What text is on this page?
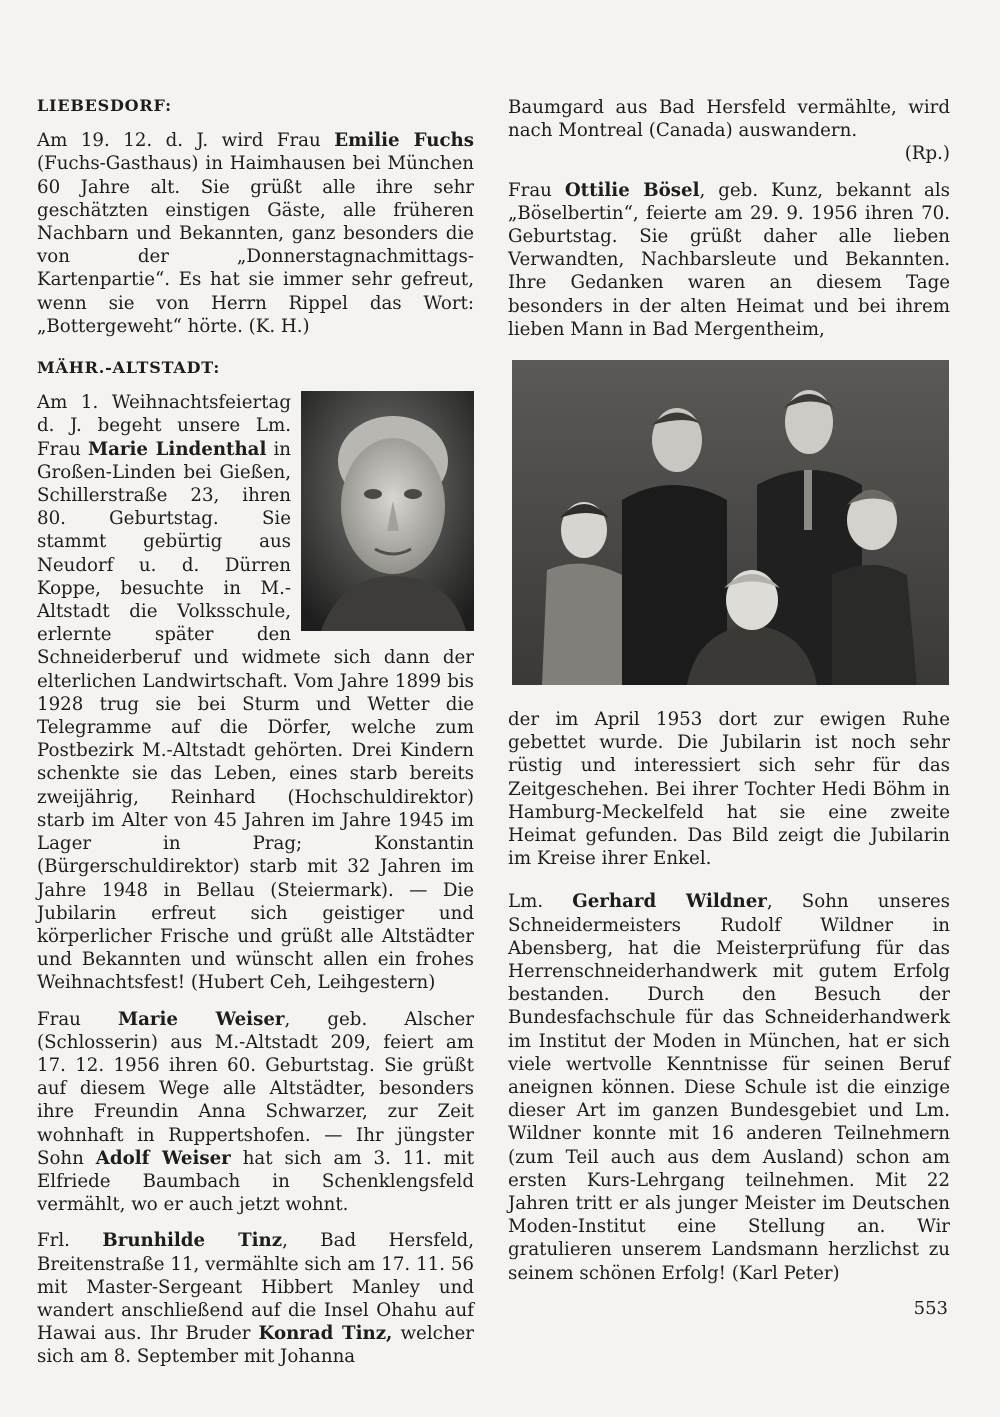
LIEBESDORF:

Am 19. 12. d. J. wird Frau Emilie Fuchs (Fuchs-Gasthaus) in Haimhausen bei München 60 Jahre alt. Sie grüßt alle ihre sehr geschätzten einstigen Gäste, alle früheren Nachbarn und Bekannten, ganz besonders die von der „Donnerstagnachmittags-Kartenpartie“. Es hat sie immer sehr gefreut, wenn sie von Herrn Rippel das Wort: „Bottergeweht“ hörte. (K. H.)

MÄHR.-ALTSTADT:

Am 1. Weihnachtsfeiertag d. J. begeht unsere Lm. Frau Marie Lindenthal in Großen-Linden bei Gießen, Schillerstraße 23, ihren 80. Geburtstag. Sie stammt gebürtig aus Neudorf u. d. Dürren Koppe, besuchte in M.-Altstadt die Volksschule, erlernte später den Schneiderberuf und widmete sich dann der elterlichen Landwirtschaft. Vom Jahre 1899 bis 1928 trug sie bei Sturm und Wetter die Telegramme auf die Dörfer, welche zum Postbezirk M.-Altstadt gehörten. Drei Kindern schenkte sie das Leben, eines starb bereits zweijährig, Reinhard (Hochschuldirektor) starb im Alter von 45 Jahren im Jahre 1945 im Lager in Prag; Konstantin (Bürgerschuldirektor) starb mit 32 Jahren im Jahre 1948 in Bellau (Steiermark). — Die Jubilarin erfreut sich geistiger und körperlicher Frische und grüßt alle Altstädter und Bekannten und wünscht allen ein frohes Weihnachtsfest! (Hubert Ceh, Leihgestern)

Frau Marie Weiser, geb. Alscher (Schlosserin) aus M.-Altstadt 209, feiert am 17. 12. 1956 ihren 60. Geburtstag. Sie grüßt auf diesem Wege alle Altstädter, besonders ihre Freundin Anna Schwarzer, zur Zeit wohnhaft in Ruppertshofen. — Ihr jüngster Sohn Adolf Weiser hat sich am 3. 11. mit Elfriede Baumbach in Schenklengsfeld vermählt, wo er auch jetzt wohnt.

Frl. Brunhilde Tinz, Bad Hersfeld, Breitenstraße 11, vermählte sich am 17. 11. 56 mit Master-Sergeant Hibbert Manley und wandert anschließend auf die Insel Ohahu auf Hawai aus. Ihr Bruder Konrad Tinz, welcher sich am 8. September mit Johanna

Baumgard aus Bad Hersfeld vermählte, wird nach Montreal (Canada) auswandern.

(Rp.)

Frau Ottilie Bösel, geb. Kunz, bekannt als „Böselbertin“, feierte am 29. 9. 1956 ihren 70. Geburtstag. Sie grüßt daher alle lieben Verwandten, Nachbarsleute und Bekannten. Ihre Gedanken waren an diesem Tage besonders in der alten Heimat und bei ihrem lieben Mann in Bad Mergentheim,

der im April 1953 dort zur ewigen Ruhe gebettet wurde. Die Jubilarin ist noch sehr rüstig und interessiert sich sehr für das Zeitgeschehen. Bei ihrer Tochter Hedi Böhm in Hamburg-Meckelfeld hat sie eine zweite Heimat gefunden. Das Bild zeigt die Jubilarin im Kreise ihrer Enkel.

Lm. Gerhard Wildner, Sohn unseres Schneidermeisters Rudolf Wildner in Abensberg, hat die Meisterprüfung für das Herrenschneiderhandwerk mit gutem Erfolg bestanden. Durch den Besuch der Bundesfachschule für das Schneiderhandwerk im Institut der Moden in München, hat er sich viele wertvolle Kenntnisse für seinen Beruf aneignen können. Diese Schule ist die einzige dieser Art im ganzen Bundesgebiet und Lm. Wildner konnte mit 16 anderen Teilnehmern (zum Teil auch aus dem Ausland) schon am ersten Kurs-Lehrgang teilnehmen. Mit 22 Jahren tritt er als junger Meister im Deutschen Moden-Institut eine Stellung an. Wir gratulieren unserem Landsmann herzlichst zu seinem schönen Erfolg! (Karl Peter)

553
